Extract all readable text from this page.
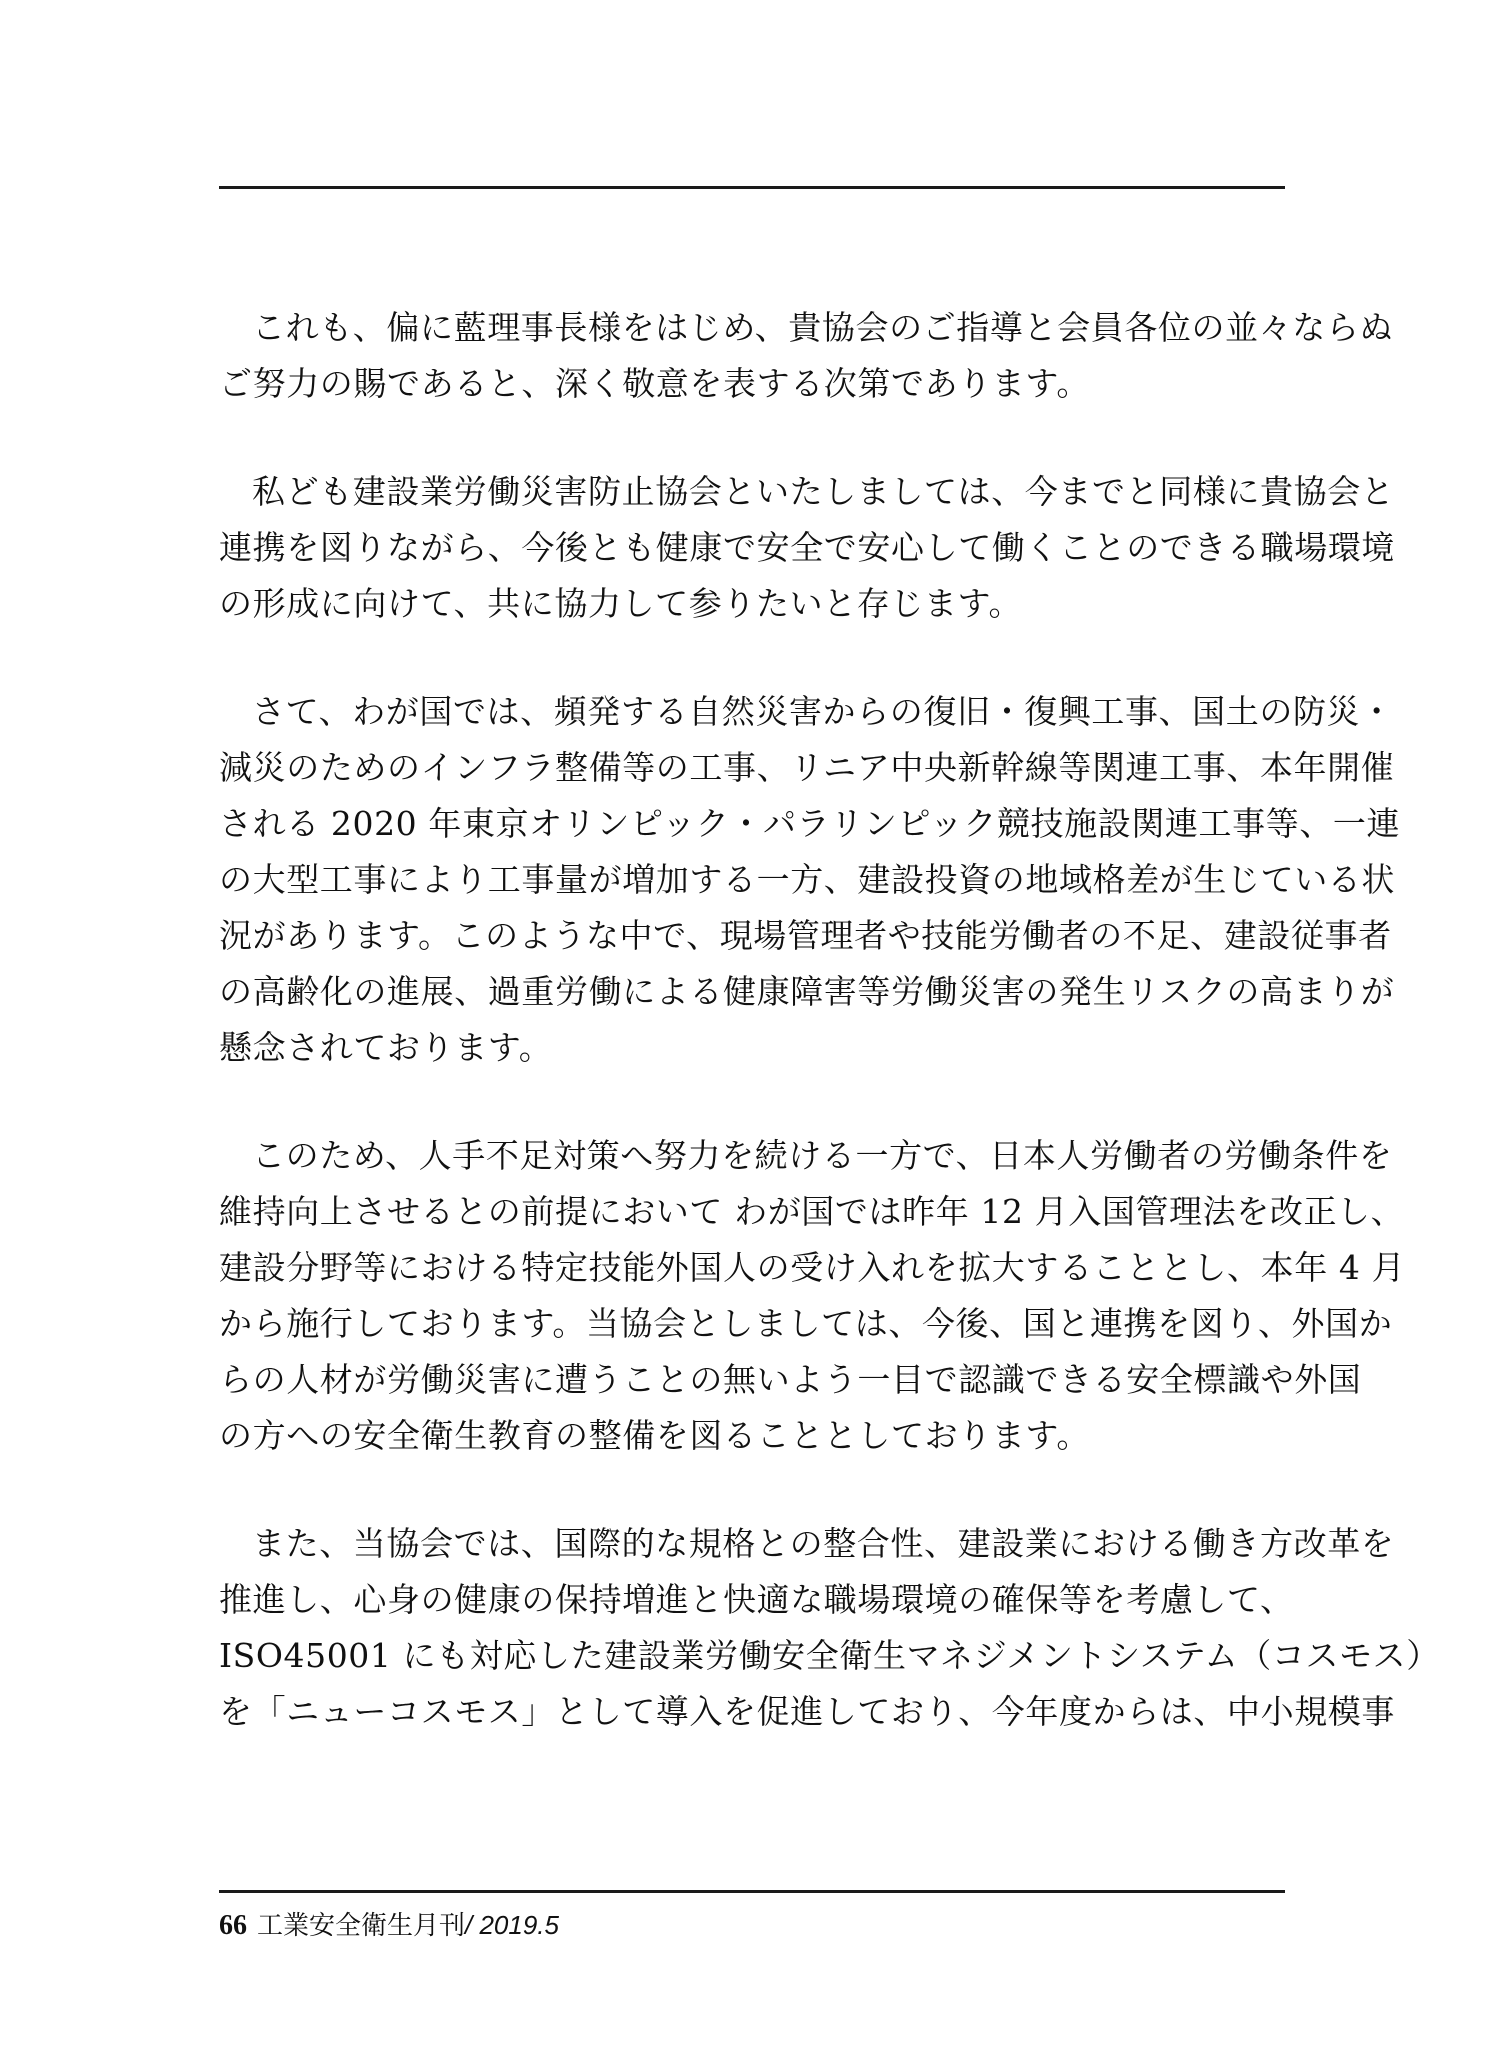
これも、偏に藍理事長様をはじめ、貴協会のご指導と会員各位の並々ならぬ
ご努力の賜であると、深く敬意を表する次第であります。

私ども建設業労働災害防止協会といたしましては、今までと同様に貴協会と
連携を図りながら、今後とも健康で安全で安心して働くことのできる職場環境
の形成に向けて、共に協力して参りたいと存じます。

さて、わが国では、頻発する自然災害からの復旧・復興工事、国土の防災・
減災のためのインフラ整備等の工事、リニア中央新幹線等関連工事、本年開催
される 2020 年東京オリンピック・パラリンピック競技施設関連工事等、一連
の大型工事により工事量が増加する一方、建設投資の地域格差が生じている状
況があります。このような中で、現場管理者や技能労働者の不足、建設従事者
の高齢化の進展、過重労働による健康障害等労働災害の発生リスクの高まりが
懸念されております。

このため、人手不足対策へ努力を続ける一方で、日本人労働者の労働条件を
維持向上させるとの前提において わが国では昨年 12 月入国管理法を改正し、
建設分野等における特定技能外国人の受け入れを拡大することとし、本年 4 月
から施行しております。当協会としましては、今後、国と連携を図り、外国か
らの人材が労働災害に遭うことの無いよう一目で認識できる安全標識や外国
の方への安全衛生教育の整備を図ることとしております。

また、当協会では、国際的な規格との整合性、建設業における働き方改革を
推進し、心身の健康の保持増進と快適な職場環境の確保等を考慮して、
ISO45001 にも対応した建設業労働安全衛生マネジメントシステム（コスモス）
を「ニューコスモス」として導入を促進しており、今年度からは、中小規模事

66 工業安全衛生月刊 / 2019.5
